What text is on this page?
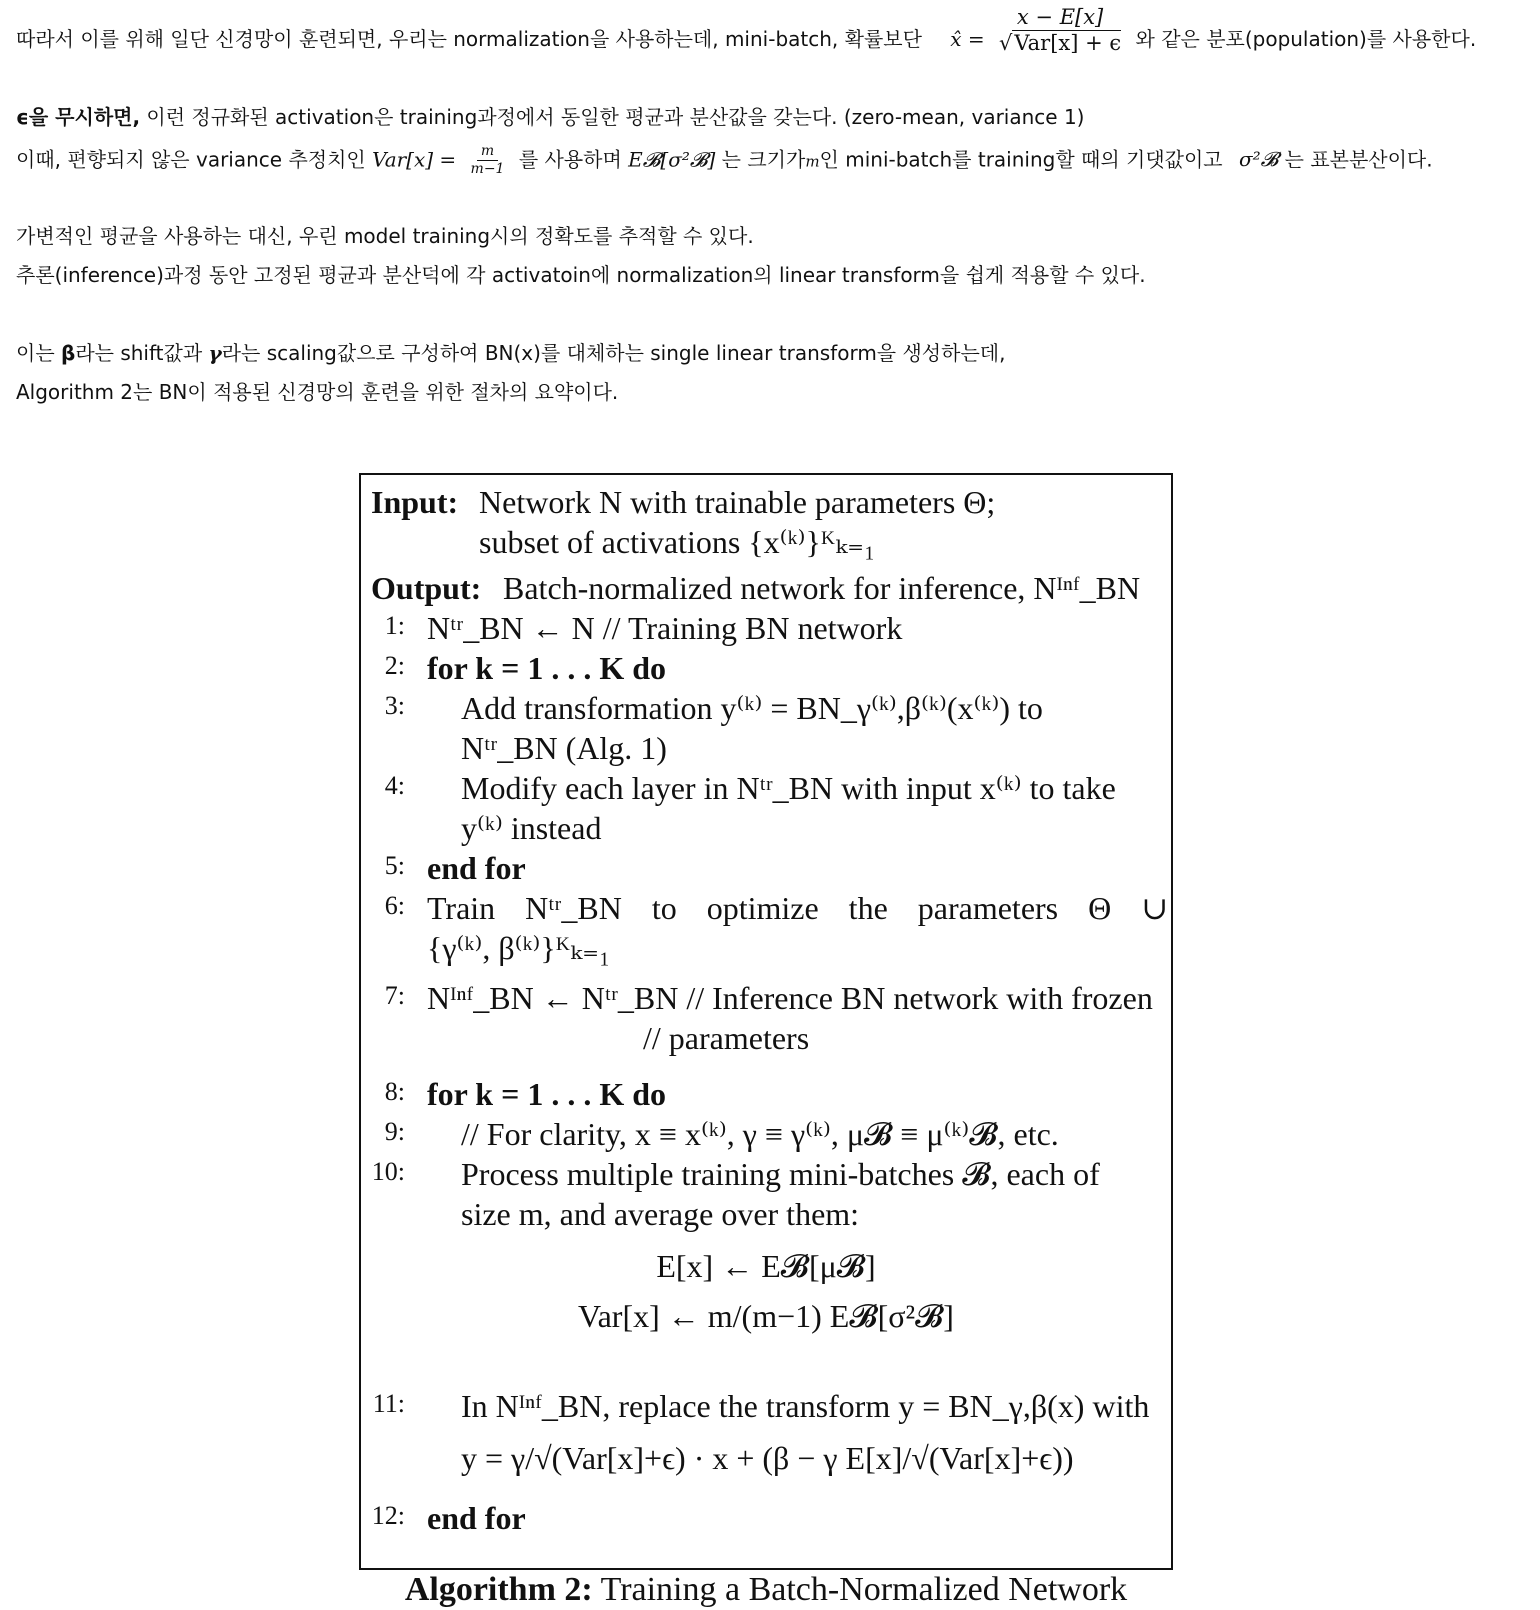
따라서 이를 위해 일단 신경망이 훈련되면, 우리는 normalization을 사용하는데, mini-batch, 확률보단 x̂ = $\frac{x - E[x]}{\text{√Var[x] + ϵ}}$ 와 같은 분포(population)를 사용한다.
ϵ을 무시하면, 이런 정규화된 activation은 training과정에서 동일한 평균과 분산값을 갖는다. (zero-mean, variance 1)
이때, 편향되지 않은 variance 추정치인 $Var[x] = \frac{m}{m-1}$ 를 사용하며 E𝓑[σ²𝓑] 는 크기가m인 mini-batch를 training할 때의 기댓값이고 σ²𝓑 는 표본분산이다.
가변적인 평균을 사용하는 대신, 우린 model training시의 정확도를 추적할 수 있다.
추론(inference)과정 동안 고정된 평균과 분산덕에 각 activatoin에 normalization의 linear transform을 쉽게 적용할 수 있다.
이는 β라는 shift값과 γ라는 scaling값으로 구성하여 BN(x)를 대체하는 single linear transform을 생성하는데,
Algorithm 2는 BN이 적용된 신경망의 훈련을 위한 절차의 요약이다.
Input: Network N with trainable parameters Θ;
subset of activations {x⁽ᵏ⁾}ᴷₖ₌₁
Output: Batch-normalized network for inference, Nᴵⁿᶠ_BN
1: Nᵗʳ_BN ← N // Training BN network
2: for k = 1 . . . K do
3: Add transformation y⁽ᵏ⁾ = BN_γ⁽ᵏ⁾,β⁽ᵏ⁾(x⁽ᵏ⁾) to
Nᵗʳ_BN (Alg. 1)
4: Modify each layer in Nᵗʳ_BN with input x⁽ᵏ⁾ to take
y⁽ᵏ⁾ instead
5: end for
6: Train Nᵗʳ_BN to optimize the parameters Θ ∪
{γ⁽ᵏ⁾, β⁽ᵏ⁾}ᴷₖ₌₁
7: Nᴵⁿᶠ_BN ← Nᵗʳ_BN // Inference BN network with frozen
// parameters
8: for k = 1 . . . K do
9: // For clarity, x ≡ x⁽ᵏ⁾, γ ≡ γ⁽ᵏ⁾, μ𝓑 ≡ μ⁽ᵏ⁾𝓑, etc.
10: Process multiple training mini-batches 𝓑, each of
size m, and average over them:
E[x] ← E𝓑[μ𝓑]
Var[x] ← m/(m−1) E𝓑[σ²𝓑]
11: In Nᴵⁿᶠ_BN, replace the transform y = BN_γ,β(x) with
y = γ/√(Var[x]+ϵ) · x + (β − γ E[x]/√(Var[x]+ϵ))
12: end for
Algorithm 2: Training a Batch-Normalized Network
